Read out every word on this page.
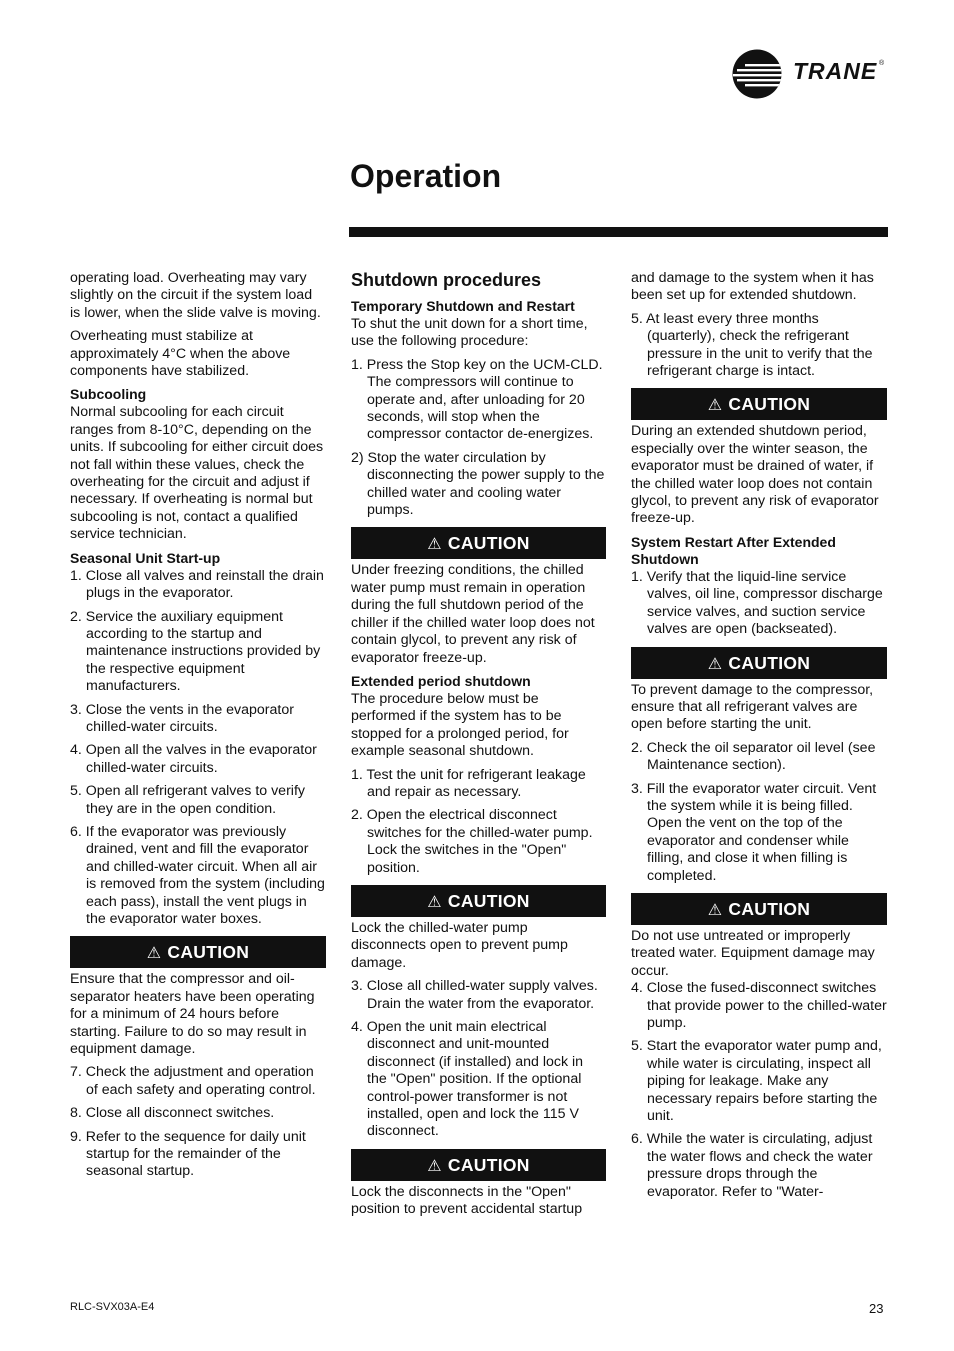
TRANE ®
Operation

operating load. Overheating may vary slightly on the circuit if the system load is lower, when the slide valve is moving.

Overheating must stabilize at approximately 4°C when the above components have stabilized.

Subcooling

Normal subcooling for each circuit ranges from 8-10°C, depending on the units. If subcooling for either circuit does not fall within these values, check the overheating for the circuit and adjust if necessary. If overheating is normal but subcooling is not, contact a qualified service technician.

Seasonal Unit Start-up
1. Close all valves and reinstall the drain plugs in the evaporator.
2. Service the auxiliary equipment according to the startup and maintenance instructions provided by the respective equipment manufacturers.
3. Close the vents in the evaporator chilled-water circuits.
4. Open all the valves in the evaporator chilled-water circuits.
5. Open all refrigerant valves to verify they are in the open condition.
6. If the evaporator was previously drained, vent and fill the evaporator and chilled-water circuit. When all air is removed from the system (including each pass), install the vent plugs in the evaporator water boxes.
⚠ CAUTION

Ensure that the compressor and oil-separator heaters have been operating for a minimum of 24 hours before starting. Failure to do so may result in equipment damage.

7. Check the adjustment and operation of each safety and operating control.
8. Close all disconnect switches.
9. Refer to the sequence for daily unit startup for the remainder of the seasonal startup.
Shutdown procedures
Temporary Shutdown and Restart

To shut the unit down for a short time, use the following procedure:

1. Press the Stop key on the UCM-CLD. The compressors will continue to operate and, after unloading for 20 seconds, will stop when the compressor contactor de-energizes.
2) Stop the water circulation by disconnecting the power supply to the chilled water and cooling water pumps.
⚠ CAUTION

Under freezing conditions, the chilled water pump must remain in operation during the full shutdown period of the chiller if the chilled water loop does not contain glycol, to prevent any risk of evaporator freeze-up.

Extended period shutdown

The procedure below must be performed if the system has to be stopped for a prolonged period, for example seasonal shutdown.

1. Test the unit for refrigerant leakage and repair as necessary.
2. Open the electrical disconnect switches for the chilled-water pump. Lock the switches in the "Open" position.
⚠ CAUTION

Lock the chilled-water pump disconnects open to prevent pump damage.

3. Close all chilled-water supply valves. Drain the water from the evaporator.
4. Open the unit main electrical disconnect and unit-mounted disconnect (if installed) and lock in the "Open" position. If the optional control-power transformer is not installed, open and lock the 115 V disconnect.
⚠ CAUTION

Lock the disconnects in the "Open" position to prevent accidental startup

and damage to the system when it has been set up for extended shutdown.

5. At least every three months (quarterly), check the refrigerant pressure in the unit to verify that the refrigerant charge is intact.
⚠ CAUTION

During an extended shutdown period, especially over the winter season, the evaporator must be drained of water, if the chilled water loop does not contain glycol, to prevent any risk of evaporator freeze-up.

System Restart After Extended Shutdown
1. Verify that the liquid-line service valves, oil line, compressor discharge service valves, and suction service valves are open (backseated).
⚠ CAUTION

To prevent damage to the compressor, ensure that all refrigerant valves are open before starting the unit.

2. Check the oil separator oil level (see Maintenance section).
3. Fill the evaporator water circuit. Vent the system while it is being filled. Open the vent on the top of the evaporator and condenser while filling, and close it when filling is completed.
⚠ CAUTION

Do not use untreated or improperly treated water. Equipment damage may occur.

4. Close the fused-disconnect switches that provide power to the chilled-water pump.
5. Start the evaporator water pump and, while water is circulating, inspect all piping for leakage. Make any necessary repairs before starting the unit.
6. While the water is circulating, adjust the water flows and check the water pressure drops through the evaporator. Refer to "Water-
RLC-SVX03A-E4	23
